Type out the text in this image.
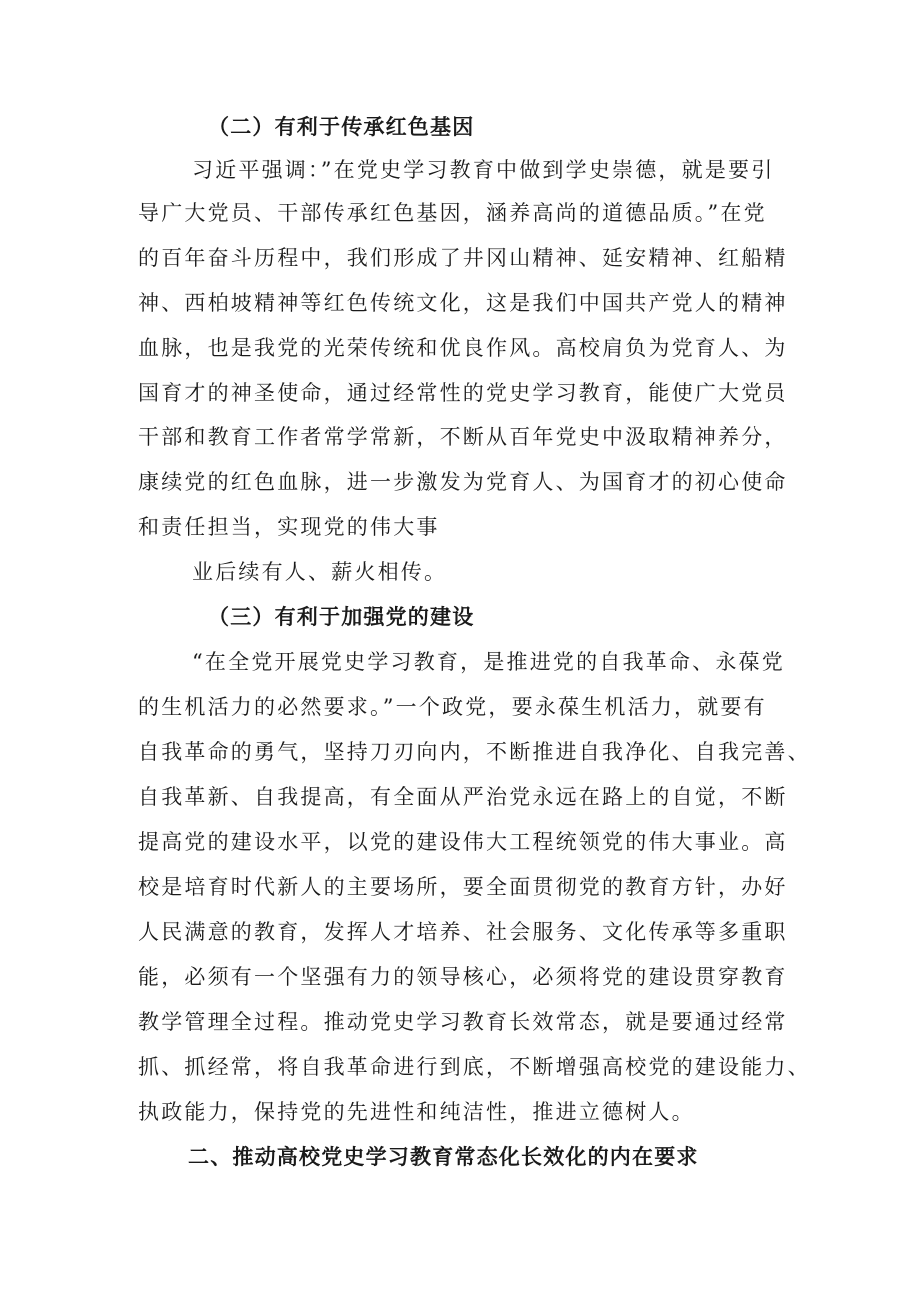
（二）有利于传承红色基因
习近平强调：”在党史学习教育中做到学史崇德，就是要引
导广大党员、干部传承红色基因，涵养高尚的道德品质。”在党
的百年奋斗历程中，我们形成了井冈山精神、延安精神、红船精
神、西柏坡精神等红色传统文化，这是我们中国共产党人的精神
血脉，也是我党的光荣传统和优良作风。高校肩负为党育人、为
国育才的神圣使命，通过经常性的党史学习教育，能使广大党员
干部和教育工作者常学常新，不断从百年党史中汲取精神养分，
康续党的红色血脉，进一步激发为党育人、为国育才的初心使命
和责任担当，实现党的伟大事
业后续有人、薪火相传。
（三）有利于加强党的建设
“在全党开展党史学习教育，是推进党的自我革命、永葆党
的生机活力的必然要求。”一个政党，要永葆生机活力，就要有
自我革命的勇气，坚持刀刃向内，不断推进自我净化、自我完善、
自我革新、自我提高，有全面从严治党永远在路上的自觉，不断
提高党的建设水平，以党的建设伟大工程统领党的伟大事业。高
校是培育时代新人的主要场所，要全面贯彻党的教育方针，办好
人民满意的教育，发挥人才培养、社会服务、文化传承等多重职
能，必须有一个坚强有力的领导核心，必须将党的建设贯穿教育
教学管理全过程。推动党史学习教育长效常态，就是要通过经常
抓、抓经常，将自我革命进行到底，不断增强高校党的建设能力、
执政能力，保持党的先进性和纯洁性，推进立德树人。
二、推动高校党史学习教育常态化长效化的内在要求
